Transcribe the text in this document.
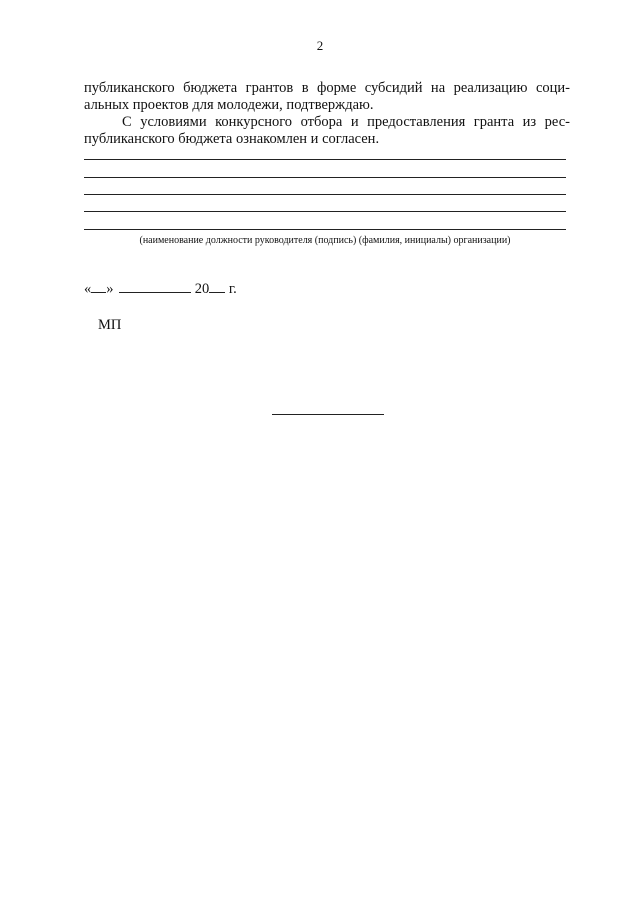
2
публиканского бюджета грантов в форме субсидий на реализацию соци-
альных проектов для молодежи, подтверждаю.
С условиями конкурсного отбора и предоставления гранта из рес-
публиканского бюджета ознакомлен и согласен.
(наименование должности руководителя (подпись) (фамилия, инициалы) организации)
« »	20 г.
МП
